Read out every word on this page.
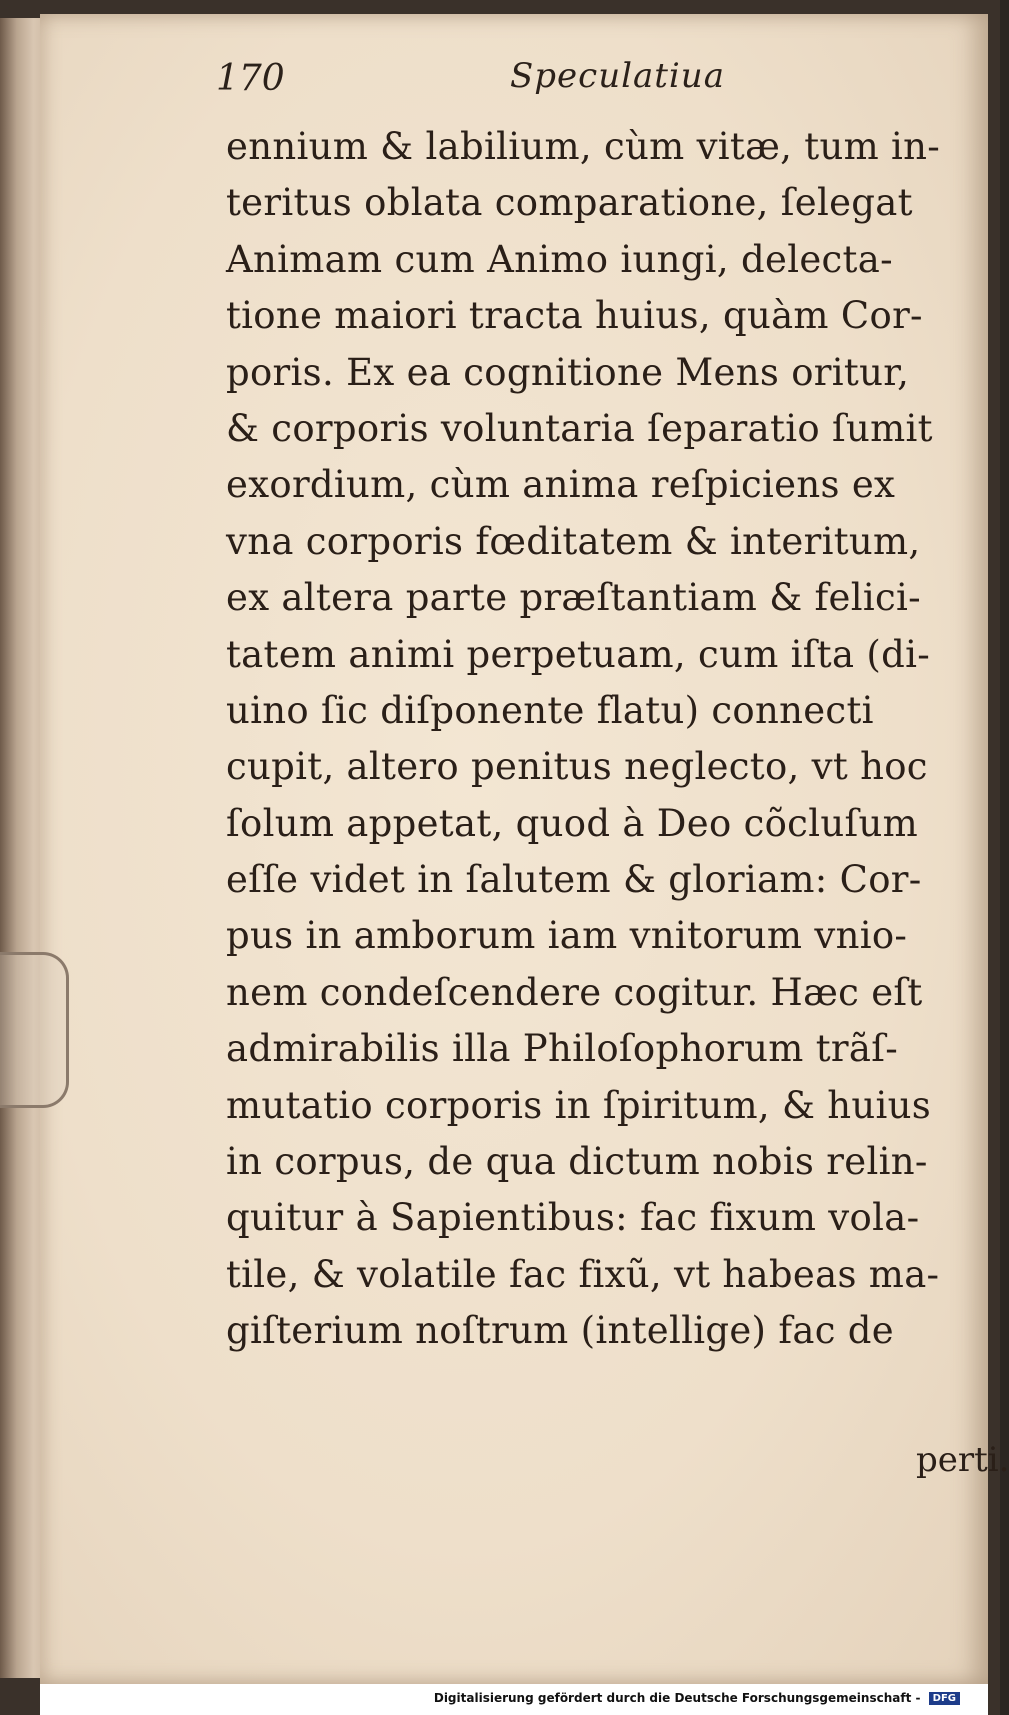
170	Speculatiua
ennium & labilium, cùm vitæ, tum in-
teritus oblata comparatione, ſelegat
Animam cum Animo iungi, delecta-
tione maiori tracta huius, quàm Cor-
poris. Ex ea cognitione Mens oritur,
& corporis voluntaria ſeparatio ſumit
exordium, cùm anima reſpiciens ex
vna corporis fœditatem & interitum,
ex altera parte præſtantiam & felici-
tatem animi perpetuam, cum iſta (di-
uino ſic diſponente flatu) connecti
cupit, altero penitus neglecto, vt hoc
ſolum appetat, quod à Deo cõcluſum
eſſe videt in ſalutem & gloriam: Cor-
pus in amborum iam vnitorum vnio-
nem condeſcendere cogitur. Hæc eſt
admirabilis illa Philoſophorum trãſ-
mutatio corporis in ſpiritum, & huius
in corpus, de qua dictum nobis relin-
quitur à Sapientibus: fac fixum vola-
tile, & volatile fac fixũ, vt habeas ma-
giſterium noſtrum (intellige) fac de
perti.
Digitalisierung gefördert durch die Deutsche Forschungsgemeinschaft - DFG
